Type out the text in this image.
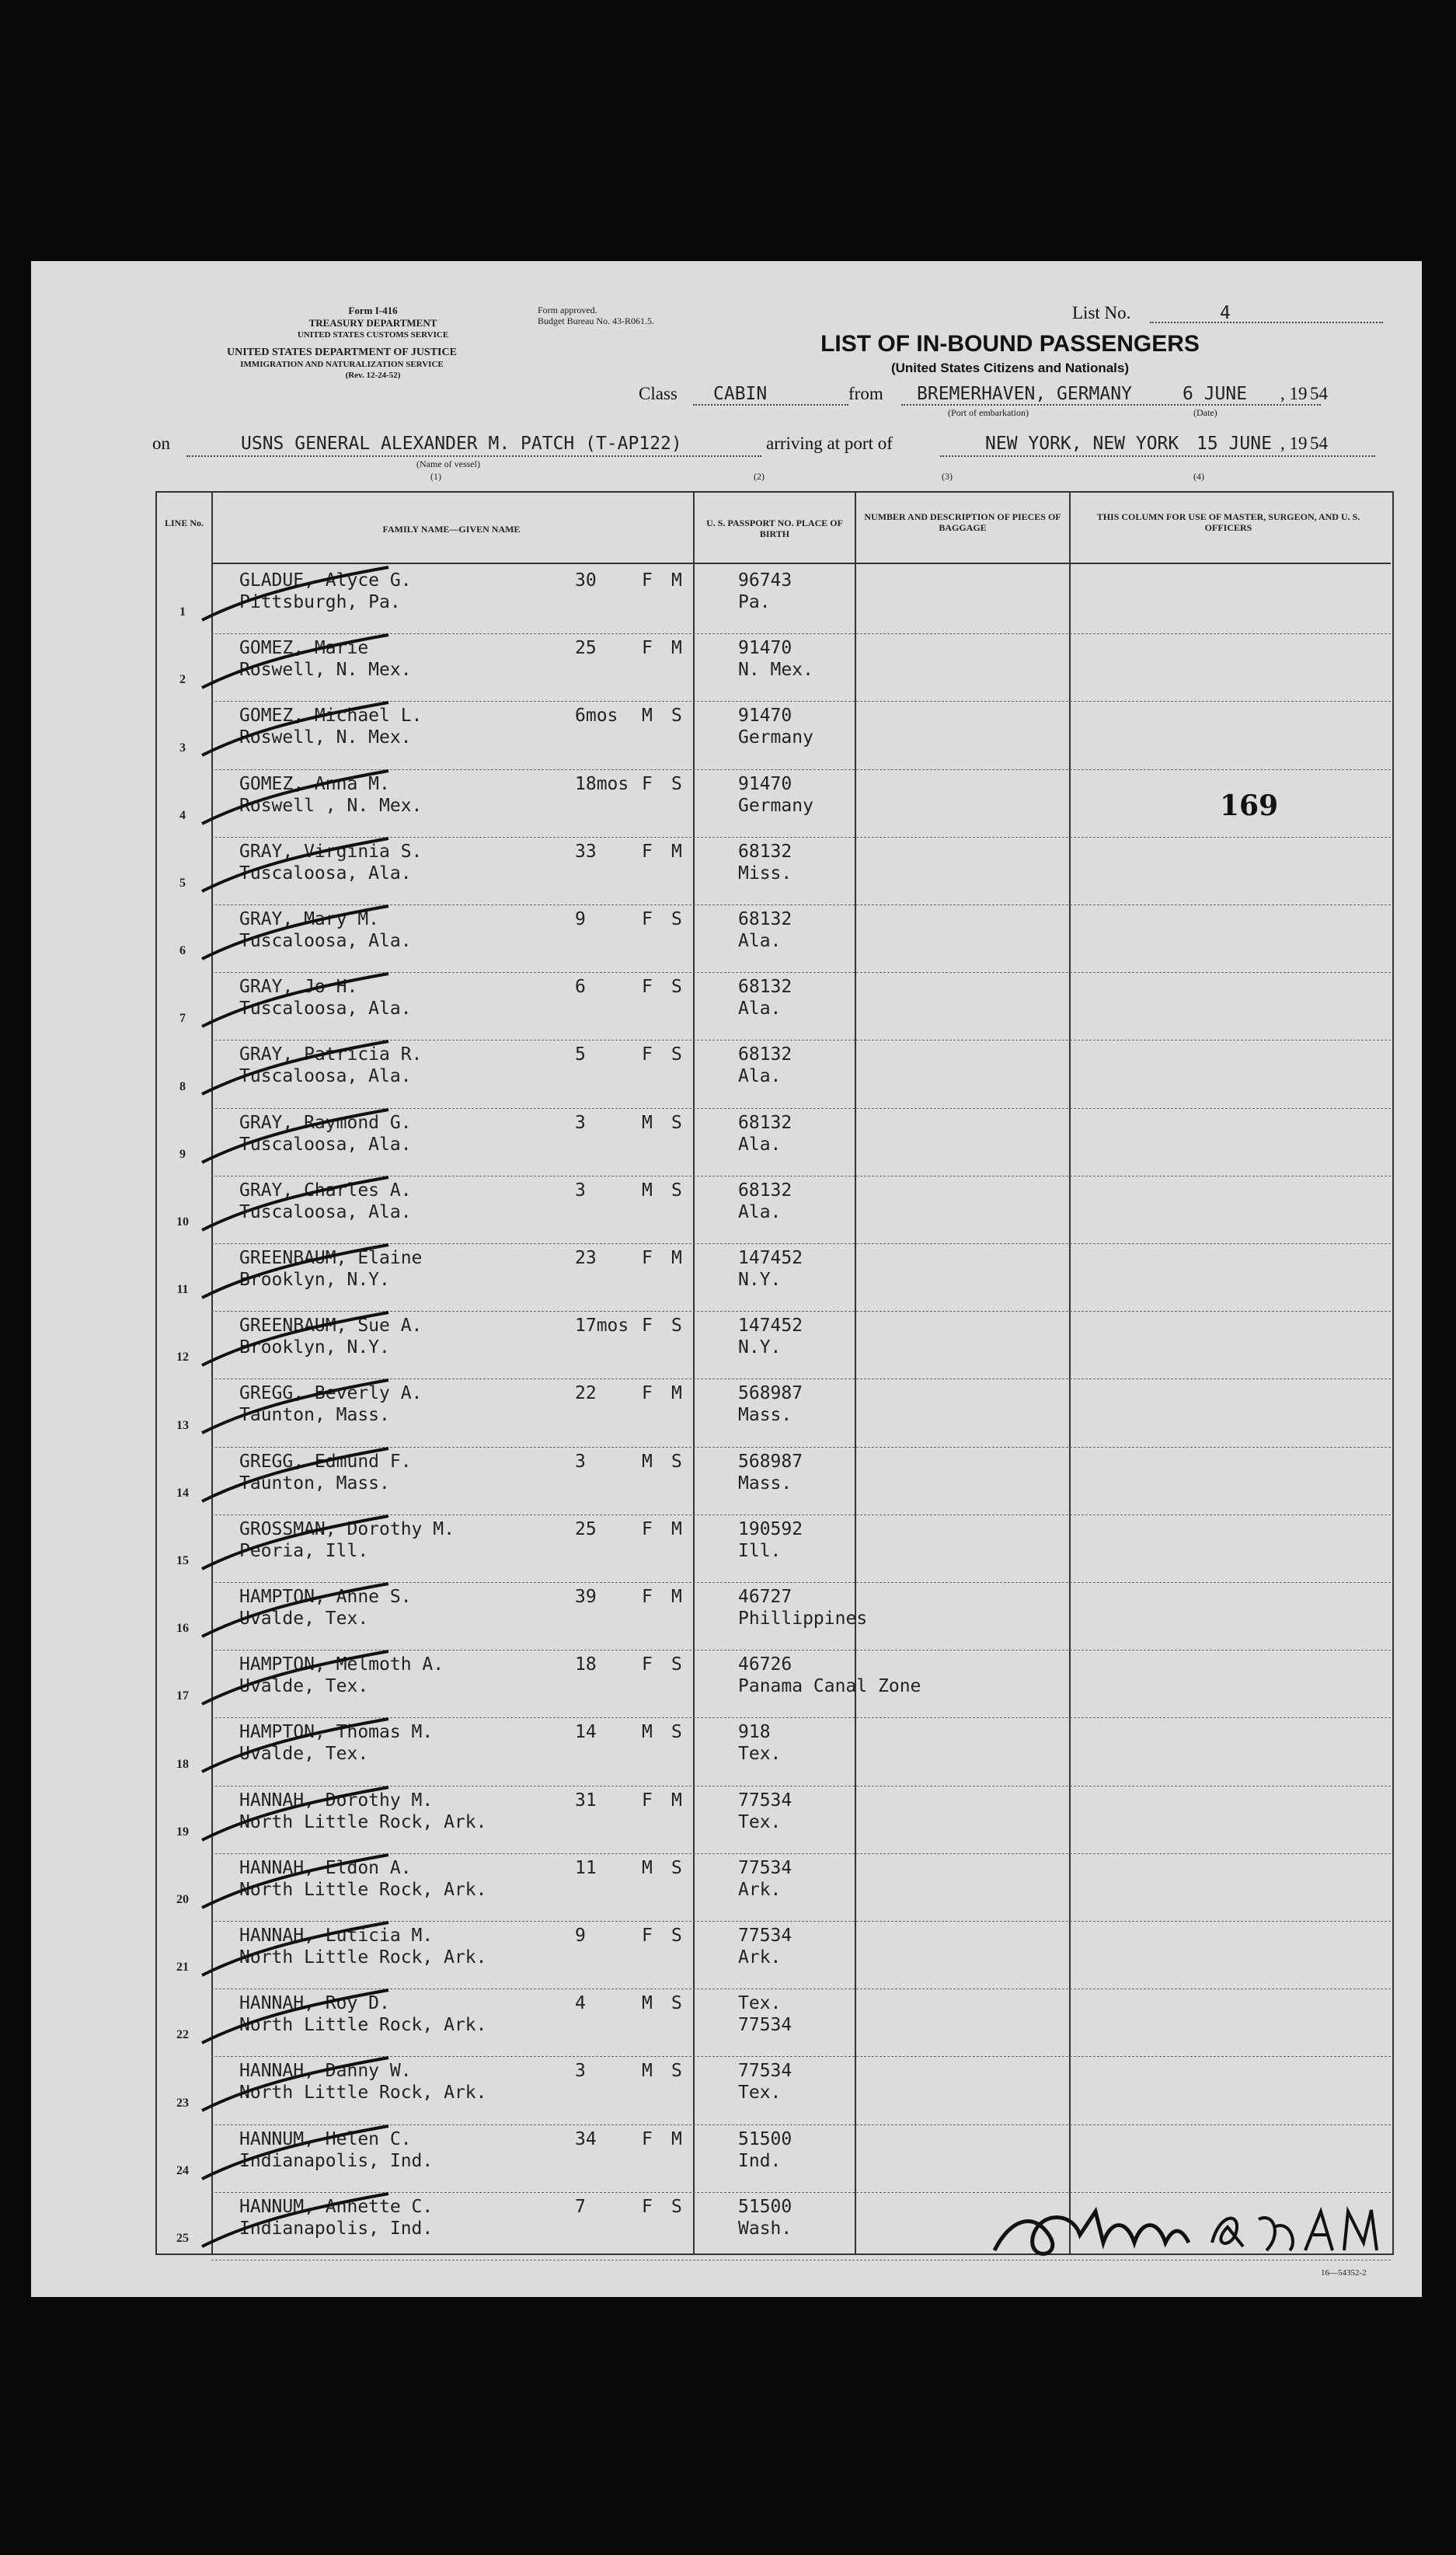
Form I-416
TREASURY DEPARTMENT
UNITED STATES CUSTOMS SERVICE
UNITED STATES DEPARTMENT OF JUSTICE
IMMIGRATION AND NATURALIZATION SERVICE
(Rev. 12-24-52)
Form approved.
Budget Bureau No. 43-R061.5.	List No.	4
LIST OF IN-BOUND PASSENGERS
(United States Citizens and Nationals)
Class CABIN	from BREMERHAVEN, GERMANY	6 JUNE , 19 54
(Port of embarkation)	(Date)
on	USNS GENERAL ALEXANDER M. PATCH (T-AP122)	arriving at port of	NEW YORK, NEW YORK 15 JUNE , 19 54
(Name of vessel)
(1)	(2)	(3)	(4)
LINE No.
FAMILY NAME—GIVEN NAME
U. S. PASSPORT NO. PLACE OF BIRTH
NUMBER AND DESCRIPTION OF PIECES OF BAGGAGE
THIS COLUMN FOR USE OF MASTER, SURGEON, AND U. S. OFFICERS
1
GLADUE, Alyce G.
Pittsburgh, Pa.
30	F M	96743
Pa.
2
GOMEZ, Marie
Roswell, N. Mex.
25	F M	91470
N. Mex.
3
GOMEZ, Michael L.
Roswell, N. Mex.
6mos M S	91470
Germany
4
GOMEZ, Anna M.
Roswell , N. Mex.
18mos F S	91470
Germany
5
GRAY, Virginia S.
Tuscaloosa, Ala.
33	F M	68132
Miss.
6
GRAY, Mary M.
Tuscaloosa, Ala.
9	F S	68132
Ala.
7
GRAY, Jo H.
Tuscaloosa, Ala.
6	F S	68132
Ala.
8
GRAY, Patricia R.
Tuscaloosa, Ala.
5	F S	68132
Ala.
9
GRAY, Raymond G.
Tuscaloosa, Ala.
3	M S	68132
Ala.
10
GRAY, Charles A.
Tuscaloosa, Ala.
3	M S	68132
Ala.
11
GREENBAUM, Elaine
Brooklyn, N.Y.
23	F M	147452
N.Y.
12
GREENBAUM, Sue A.
Brooklyn, N.Y.
17mos F S	147452
N.Y.
13
GREGG, Beverly A.
Taunton, Mass.
22	F M	568987
Mass.
14
GREGG, Edmund F.
Taunton, Mass.
3	M S	568987
Mass.
15
GROSSMAN, Dorothy M.
Peoria, Ill.
25	F M	190592
Ill.
16
HAMPTON, Anne S.
Uvalde, Tex.
39	F M	46727
Phillippines
17
HAMPTON, Melmoth A.
Uvalde, Tex.
18	F S	46726
Panama Canal Zone
18
HAMPTON, Thomas M.
Uvalde, Tex.
14	M S	918
Tex.
19
HANNAH, Dorothy M.
North Little Rock, Ark.
31	F M	77534
Tex.
20
HANNAH, Eldon A.
North Little Rock, Ark.
11	M S	77534
Ark.
21
HANNAH, Luticia M.
North Little Rock, Ark.
9	F S	77534
Ark.
22
HANNAH, Roy D.
North Little Rock, Ark.
4	M S	Tex.
77534
23
HANNAH, Danny W.
North Little Rock, Ark.
3	M S	77534
Tex.
24
HANNUM, Helen C.
Indianapolis, Ind.
34	F M	51500
Ind.
25
HANNUM, Annette C.
Indianapolis, Ind.
7	F S	51500
Wash.
169
16—54352-2
